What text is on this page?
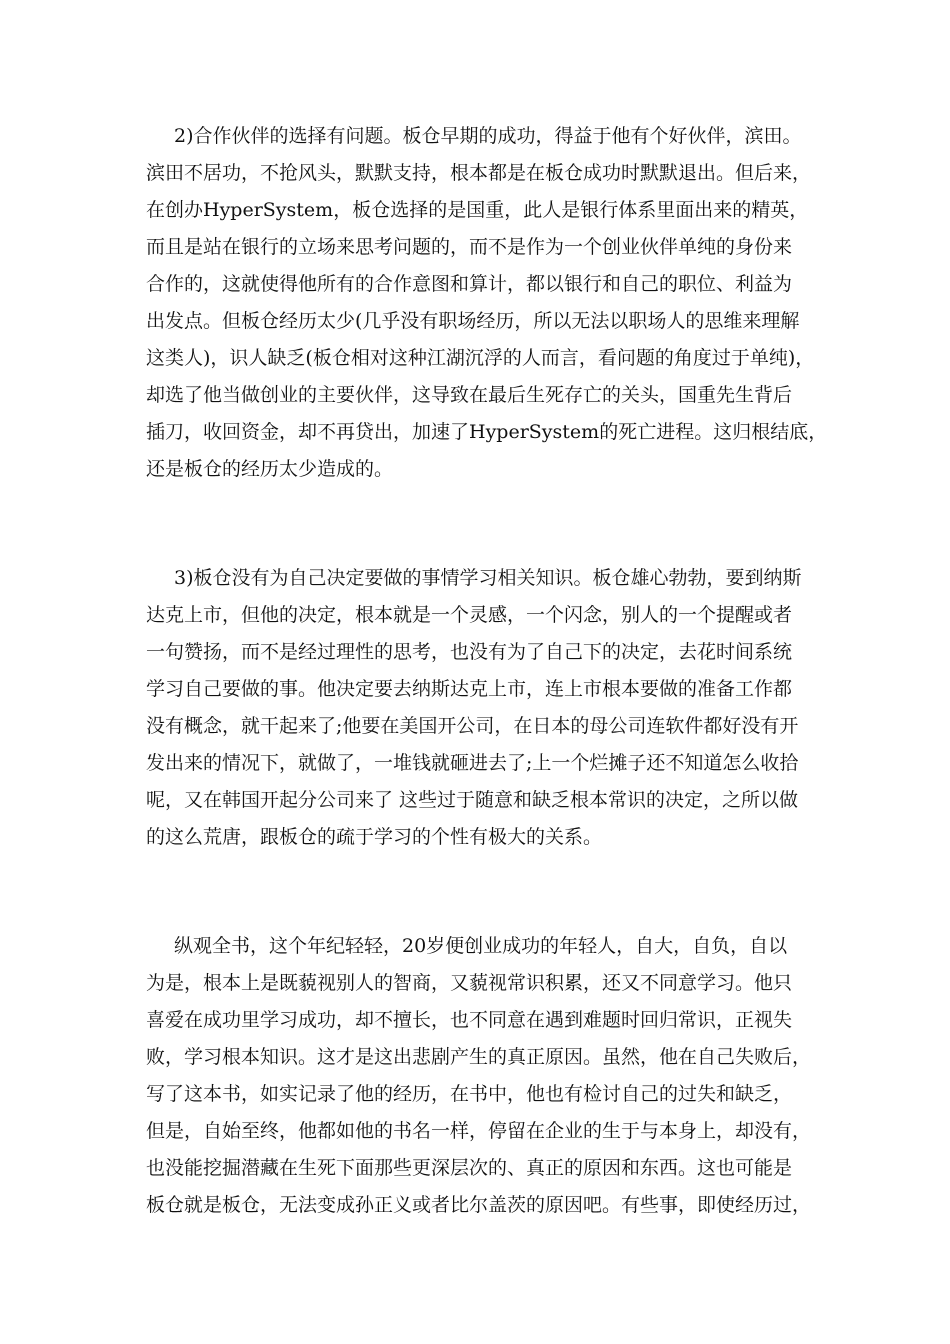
2)合作伙伴的选择有问题。板仓早期的成功，得益于他有个好伙伴，滨田。
滨田不居功，不抢风头，默默支持，根本都是在板仓成功时默默退出。但后来，
在创办HyperSystem，板仓选择的是国重，此人是银行体系里面出来的精英，
而且是站在银行的立场来思考问题的，而不是作为一个创业伙伴单纯的身份来
合作的，这就使得他所有的合作意图和算计，都以银行和自己的职位、利益为
出发点。但板仓经历太少(几乎没有职场经历，所以无法以职场人的思维来理解
这类人)，识人缺乏(板仓相对这种江湖沉浮的人而言，看问题的角度过于单纯)，
却选了他当做创业的主要伙伴，这导致在最后生死存亡的关头，国重先生背后
插刀，收回资金，却不再贷出，加速了HyperSystem的死亡进程。这归根结底，
还是板仓的经历太少造成的。
3)板仓没有为自己决定要做的事情学习相关知识。板仓雄心勃勃，要到纳斯
达克上市，但他的决定，根本就是一个灵感，一个闪念，别人的一个提醒或者
一句赞扬，而不是经过理性的思考，也没有为了自己下的决定，去花时间系统
学习自己要做的事。他决定要去纳斯达克上市，连上市根本要做的准备工作都
没有概念，就干起来了;他要在美国开公司，在日本的母公司连软件都好没有开
发出来的情况下，就做了，一堆钱就砸进去了;上一个烂摊子还不知道怎么收拾
呢，又在韩国开起分公司来了 这些过于随意和缺乏根本常识的决定，之所以做
的这么荒唐，跟板仓的疏于学习的个性有极大的关系。
纵观全书，这个年纪轻轻，20岁便创业成功的年轻人，自大，自负，自以
为是，根本上是既藐视别人的智商，又藐视常识积累，还又不同意学习。他只
喜爱在成功里学习成功，却不擅长，也不同意在遇到难题时回归常识，正视失
败，学习根本知识。这才是这出悲剧产生的真正原因。虽然，他在自己失败后，
写了这本书，如实记录了他的经历，在书中，他也有检讨自己的过失和缺乏，
但是，自始至终，他都如他的书名一样，停留在企业的生于与本身上，却没有，
也没能挖掘潜藏在生死下面那些更深层次的、真正的原因和东西。这也可能是
板仓就是板仓，无法变成孙正义或者比尔盖茨的原因吧。有些事，即使经历过，
